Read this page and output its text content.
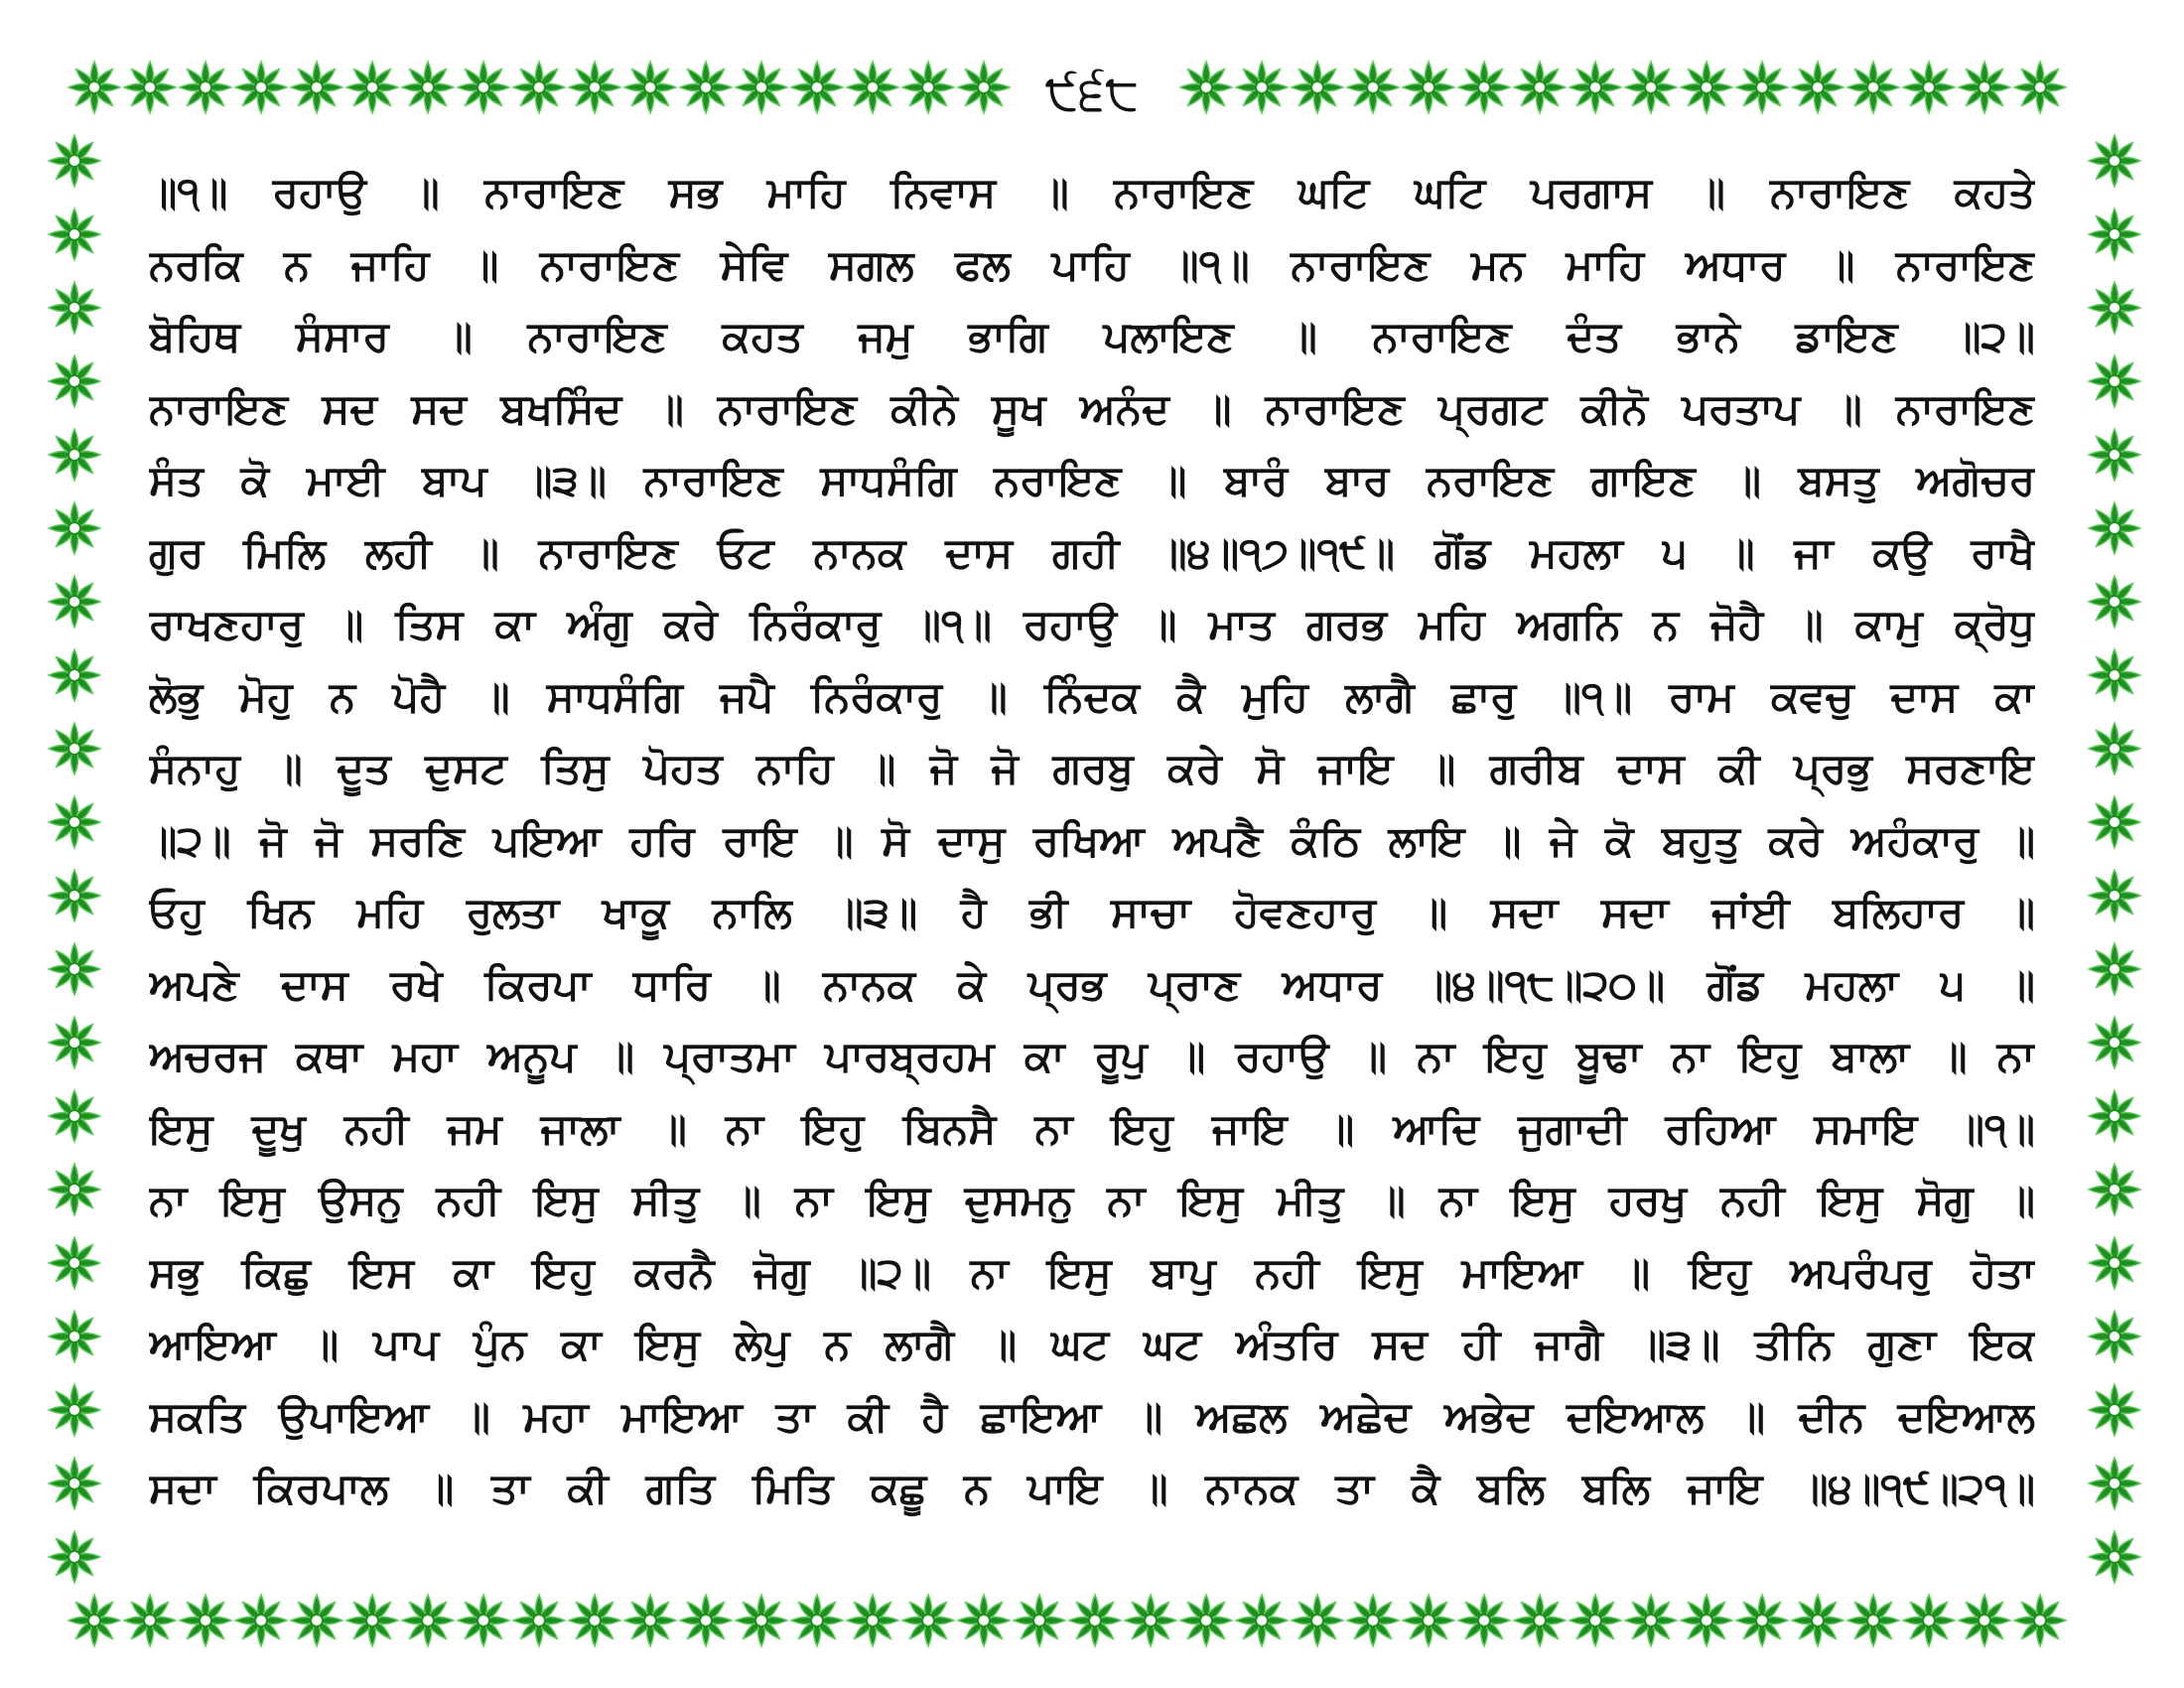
੯੬੮
॥੧॥ ਰਹਾਉ ॥ ਨਾਰਾਇਣ ਸਭ ਮਾਹਿ ਨਿਵਾਸ ॥ ਨਾਰਾਇਣ ਘਟਿ ਘਟਿ ਪਰਗਾਸ ॥ ਨਾਰਾਇਣ ਕਹਤੇ
ਨਰਕਿ ਨ ਜਾਹਿ ॥ ਨਾਰਾਇਣ ਸੇਵਿ ਸਗਲ ਫਲ ਪਾਹਿ ॥੧॥ ਨਾਰਾਇਣ ਮਨ ਮਾਹਿ ਅਧਾਰ ॥ ਨਾਰਾਇਣ
ਬੋਹਿਥ ਸੰਸਾਰ ॥ ਨਾਰਾਇਣ ਕਹਤ ਜਮੁ ਭਾਗਿ ਪਲਾਇਣ ॥ ਨਾਰਾਇਣ ਦੰਤ ਭਾਨੇ ਡਾਇਣ ॥੨॥
ਨਾਰਾਇਣ ਸਦ ਸਦ ਬਖਸਿੰਦ ॥ ਨਾਰਾਇਣ ਕੀਨੇ ਸੂਖ ਅਨੰਦ ॥ ਨਾਰਾਇਣ ਪ੍ਰਗਟ ਕੀਨੋ ਪਰਤਾਪ ॥ ਨਾਰਾਇਣ
ਸੰਤ ਕੋ ਮਾਈ ਬਾਪ ॥੩॥ ਨਾਰਾਇਣ ਸਾਧਸੰਗਿ ਨਰਾਇਣ ॥ ਬਾਰੰ ਬਾਰ ਨਰਾਇਣ ਗਾਇਣ ॥ ਬਸਤੁ ਅਗੋਚਰ
ਗੁਰ ਮਿਲਿ ਲਹੀ ॥ ਨਾਰਾਇਣ ਓਟ ਨਾਨਕ ਦਾਸ ਗਹੀ ॥੪॥੧੭॥੧੯॥ ਗੋਂਡ ਮਹਲਾ ੫ ॥ ਜਾ ਕਉ ਰਾਖੈ
ਰਾਖਣਹਾਰੁ ॥ ਤਿਸ ਕਾ ਅੰਗੁ ਕਰੇ ਨਿਰੰਕਾਰੁ ॥੧॥ ਰਹਾਉ ॥ ਮਾਤ ਗਰਭ ਮਹਿ ਅਗਨਿ ਨ ਜੋਹੈ ॥ ਕਾਮੁ ਕ੍ਰੋਧੁ
ਲੋਭੁ ਮੋਹੁ ਨ ਪੋਹੈ ॥ ਸਾਧਸੰਗਿ ਜਪੈ ਨਿਰੰਕਾਰੁ ॥ ਨਿੰਦਕ ਕੈ ਮੁਹਿ ਲਾਗੈ ਛਾਰੁ ॥੧॥ ਰਾਮ ਕਵਚੁ ਦਾਸ ਕਾ
ਸੰਨਾਹੁ ॥ ਦੂਤ ਦੁਸਟ ਤਿਸੁ ਪੋਹਤ ਨਾਹਿ ॥ ਜੋ ਜੋ ਗਰਬੁ ਕਰੇ ਸੋ ਜਾਇ ॥ ਗਰੀਬ ਦਾਸ ਕੀ ਪ੍ਰਭੁ ਸਰਣਾਇ
॥੨॥ ਜੋ ਜੋ ਸਰਣਿ ਪਇਆ ਹਰਿ ਰਾਇ ॥ ਸੋ ਦਾਸੁ ਰਖਿਆ ਅਪਣੈ ਕੰਠਿ ਲਾਇ ॥ ਜੇ ਕੋ ਬਹੁਤੁ ਕਰੇ ਅਹੰਕਾਰੁ ॥
ਓਹੁ ਖਿਨ ਮਹਿ ਰੁਲਤਾ ਖਾਕੂ ਨਾਲਿ ॥੩॥ ਹੈ ਭੀ ਸਾਚਾ ਹੋਵਣਹਾਰੁ ॥ ਸਦਾ ਸਦਾ ਜਾਂਈ ਬਲਿਹਾਰ ॥
ਅਪਣੇ ਦਾਸ ਰਖੇ ਕਿਰਪਾ ਧਾਰਿ ॥ ਨਾਨਕ ਕੇ ਪ੍ਰਭ ਪ੍ਰਾਣ ਅਧਾਰ ॥੪॥੧੮॥੨੦॥ ਗੋਂਡ ਮਹਲਾ ੫ ॥
ਅਚਰਜ ਕਥਾ ਮਹਾ ਅਨੂਪ ॥ ਪ੍ਰਾਤਮਾ ਪਾਰਬ੍ਰਹਮ ਕਾ ਰੂਪੁ ॥ ਰਹਾਉ ॥ ਨਾ ਇਹੁ ਬੂਢਾ ਨਾ ਇਹੁ ਬਾਲਾ ॥ ਨਾ
ਇਸੁ ਦੂਖੁ ਨਹੀ ਜਮ ਜਾਲਾ ॥ ਨਾ ਇਹੁ ਬਿਨਸੈ ਨਾ ਇਹੁ ਜਾਇ ॥ ਆਦਿ ਜੁਗਾਦੀ ਰਹਿਆ ਸਮਾਇ ॥੧॥
ਨਾ ਇਸੁ ਉਸਨੁ ਨਹੀ ਇਸੁ ਸੀਤੁ ॥ ਨਾ ਇਸੁ ਦੁਸਮਨੁ ਨਾ ਇਸੁ ਮੀਤੁ ॥ ਨਾ ਇਸੁ ਹਰਖੁ ਨਹੀ ਇਸੁ ਸੋਗੁ ॥
ਸਭੁ ਕਿਛੁ ਇਸ ਕਾ ਇਹੁ ਕਰਨੈ ਜੋਗੁ ॥੨॥ ਨਾ ਇਸੁ ਬਾਪੁ ਨਹੀ ਇਸੁ ਮਾਇਆ ॥ ਇਹੁ ਅਪਰੰਪਰੁ ਹੋਤਾ
ਆਇਆ ॥ ਪਾਪ ਪੁੰਨ ਕਾ ਇਸੁ ਲੇਪੁ ਨ ਲਾਗੈ ॥ ਘਟ ਘਟ ਅੰਤਰਿ ਸਦ ਹੀ ਜਾਗੈ ॥੩॥ ਤੀਨਿ ਗੁਣਾ ਇਕ
ਸਕਤਿ ਉਪਾਇਆ ॥ ਮਹਾ ਮਾਇਆ ਤਾ ਕੀ ਹੈ ਛਾਇਆ ॥ ਅਛਲ ਅਛੇਦ ਅਭੇਦ ਦਇਆਲ ॥ ਦੀਨ ਦਇਆਲ
ਸਦਾ ਕਿਰਪਾਲ ॥ ਤਾ ਕੀ ਗਤਿ ਮਿਤਿ ਕਛੂ ਨ ਪਾਇ ॥ ਨਾਨਕ ਤਾ ਕੈ ਬਲਿ ਬਲਿ ਜਾਇ ॥੪॥੧੯॥੨੧॥
